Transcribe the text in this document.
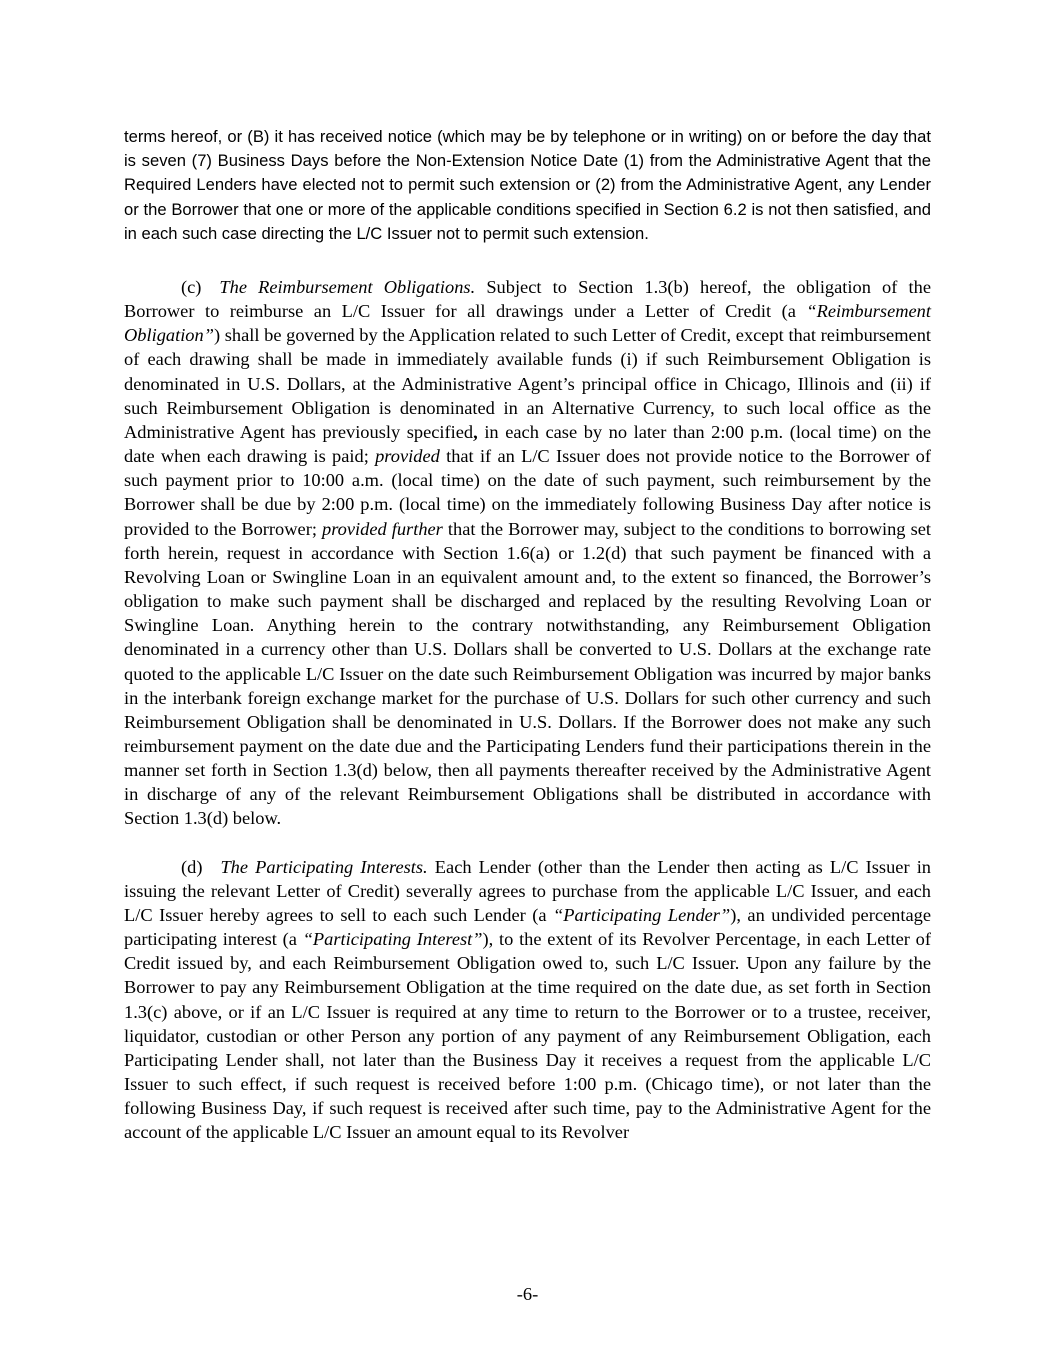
terms hereof, or (B) it has received notice (which may be by telephone or in writing) on or before the day that is seven (7) Business Days before the Non-Extension Notice Date (1) from the Administrative Agent that the Required Lenders have elected not to permit such extension or (2) from the Administrative Agent, any Lender or the Borrower that one or more of the applicable conditions specified in Section 6.2 is not then satisfied, and in each such case directing the L/C Issuer not to permit such extension.

(c) The Reimbursement Obligations. Subject to Section 1.3(b) hereof, the obligation of the Borrower to reimburse an L/C Issuer for all drawings under a Letter of Credit (a “Reimbursement Obligation”) shall be governed by the Application related to such Letter of Credit, except that reimbursement of each drawing shall be made in immediately available funds (i) if such Reimbursement Obligation is denominated in U.S. Dollars, at the Administrative Agent’s principal office in Chicago, Illinois and (ii) if such Reimbursement Obligation is denominated in an Alternative Currency, to such local office as the Administrative Agent has previously specified, in each case by no later than 2:00 p.m. (local time) on the date when each drawing is paid; provided that if an L/C Issuer does not provide notice to the Borrower of such payment prior to 10:00 a.m. (local time) on the date of such payment, such reimbursement by the Borrower shall be due by 2:00 p.m. (local time) on the immediately following Business Day after notice is provided to the Borrower; provided further that the Borrower may, subject to the conditions to borrowing set forth herein, request in accordance with Section 1.6(a) or 1.2(d) that such payment be financed with a Revolving Loan or Swingline Loan in an equivalent amount and, to the extent so financed, the Borrower’s obligation to make such payment shall be discharged and replaced by the resulting Revolving Loan or Swingline Loan. Anything herein to the contrary notwithstanding, any Reimbursement Obligation denominated in a currency other than U.S. Dollars shall be converted to U.S. Dollars at the exchange rate quoted to the applicable L/C Issuer on the date such Reimbursement Obligation was incurred by major banks in the interbank foreign exchange market for the purchase of U.S. Dollars for such other currency and such Reimbursement Obligation shall be denominated in U.S. Dollars. If the Borrower does not make any such reimbursement payment on the date due and the Participating Lenders fund their participations therein in the manner set forth in Section 1.3(d) below, then all payments thereafter received by the Administrative Agent in discharge of any of the relevant Reimbursement Obligations shall be distributed in accordance with Section 1.3(d) below.

(d) The Participating Interests. Each Lender (other than the Lender then acting as L/C Issuer in issuing the relevant Letter of Credit) severally agrees to purchase from the applicable L/C Issuer, and each L/C Issuer hereby agrees to sell to each such Lender (a “Participating Lender”), an undivided percentage participating interest (a “Participating Interest”), to the extent of its Revolver Percentage, in each Letter of Credit issued by, and each Reimbursement Obligation owed to, such L/C Issuer. Upon any failure by the Borrower to pay any Reimbursement Obligation at the time required on the date due, as set forth in Section 1.3(c) above, or if an L/C Issuer is required at any time to return to the Borrower or to a trustee, receiver, liquidator, custodian or other Person any portion of any payment of any Reimbursement Obligation, each Participating Lender shall, not later than the Business Day it receives a request from the applicable L/C Issuer to such effect, if such request is received before 1:00 p.m. (Chicago time), or not later than the following Business Day, if such request is received after such time, pay to the Administrative Agent for the account of the applicable L/C Issuer an amount equal to its Revolver

-6-
